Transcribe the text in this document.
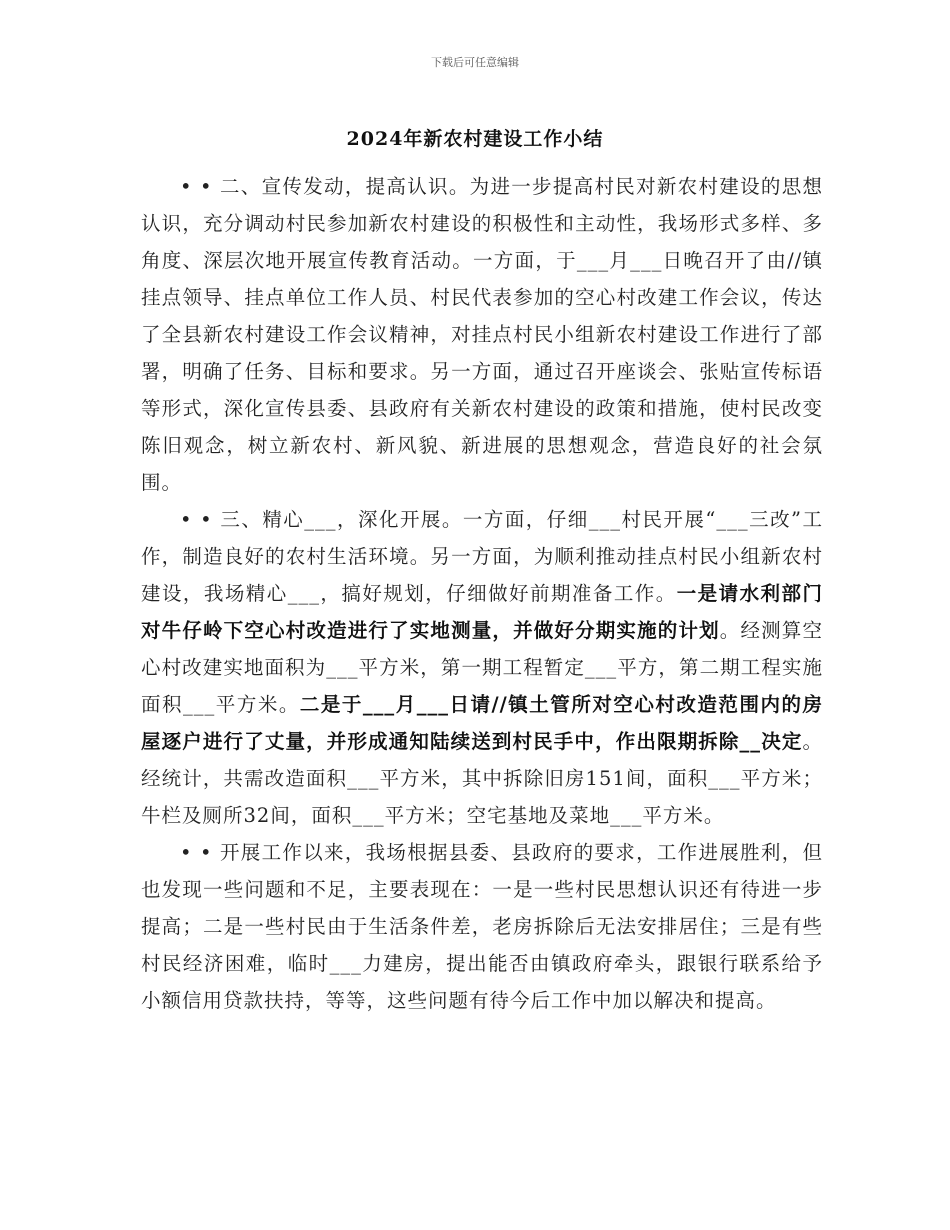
下载后可任意编辑
2024年新农村建设工作小结

• • 二、宣传发动，提高认识。为进一步提高村民对新农村建设的思想认识，充分调动村民参加新农村建设的积极性和主动性，我场形式多样、多角度、深层次地开展宣传教育活动。一方面，于___月___日晚召开了由//镇挂点领导、挂点单位工作人员、村民代表参加的空心村改建工作会议，传达了全县新农村建设工作会议精神，对挂点村民小组新农村建设工作进行了部署，明确了任务、目标和要求。另一方面，通过召开座谈会、张贴宣传标语等形式，深化宣传县委、县政府有关新农村建设的政策和措施，使村民改变陈旧观念，树立新农村、新风貌、新进展的思想观念，营造良好的社会氛围。

• • 三、精心___，深化开展。一方面，仔细___村民开展“___三改”工作，制造良好的农村生活环境。另一方面，为顺利推动挂点村民小组新农村建设，我场精心___，搞好规划，仔细做好前期准备工作。一是请水利部门对牛仔岭下空心村改造进行了实地测量，并做好分期实施的计划。经测算空心村改建实地面积为___平方米，第一期工程暂定___平方，第二期工程实施面积___平方米。二是于___月___日请//镇土管所对空心村改造范围内的房屋逐户进行了丈量，并形成通知陆续送到村民手中，作出限期拆除__决定。经统计，共需改造面积___平方米，其中拆除旧房151间，面积___平方米；牛栏及厕所32间，面积___平方米；空宅基地及菜地___平方米。

• • 开展工作以来，我场根据县委、县政府的要求，工作进展胜利，但也发现一些问题和不足，主要表现在：一是一些村民思想认识还有待进一步提高；二是一些村民由于生活条件差，老房拆除后无法安排居住；三是有些村民经济困难，临时___力建房，提出能否由镇政府牵头，跟银行联系给予小额信用贷款扶持，等等，这些问题有待今后工作中加以解决和提高。
